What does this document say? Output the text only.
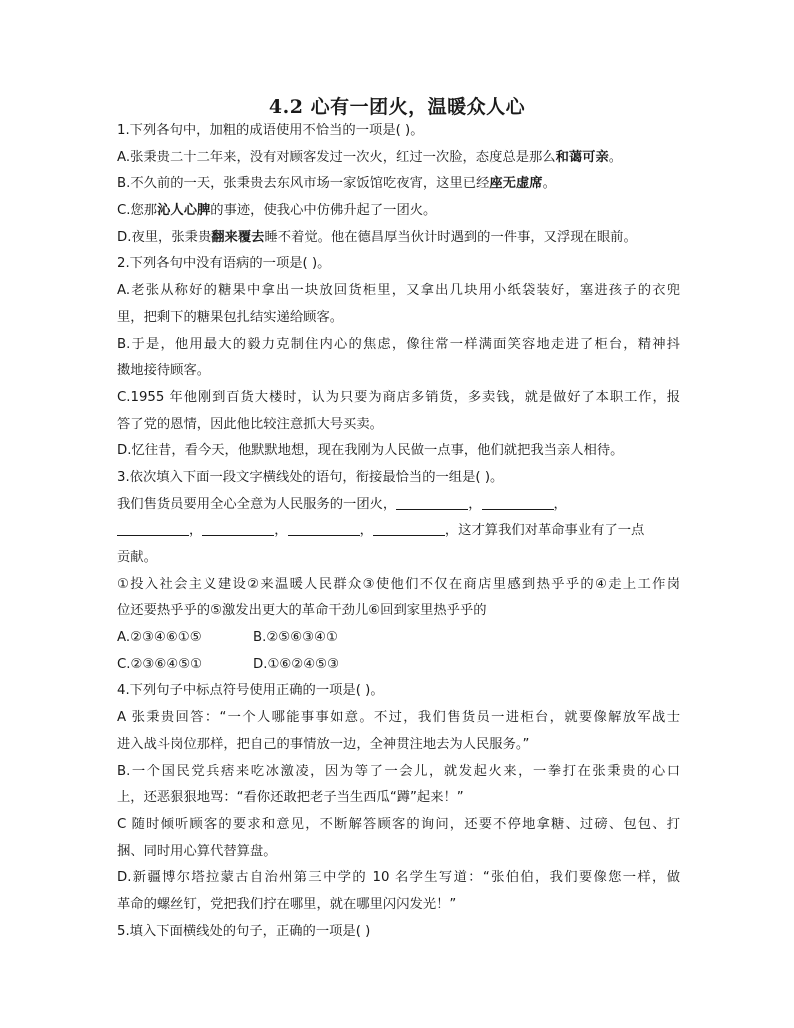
4.2 心有一团火，温暖众人心

1.下列各句中，加粗的成语使用不恰当的一项是( )。

A.张秉贵二十二年来，没有对顾客发过一次火，红过一次脸，态度总是那么和蔼可亲。

B.不久前的一天，张秉贵去东风市场一家饭馆吃夜宵，这里已经座无虚席。

C.您那沁人心脾的事迹，使我心中仿佛升起了一团火。

D.夜里，张秉贵翻来覆去睡不着觉。他在德昌厚当伙计时遇到的一件事，又浮现在眼前。

2.下列各句中没有语病的一项是( )。

A.老张从称好的糖果中拿出一块放回货柜里，又拿出几块用小纸袋装好，塞进孩子的衣兜

里，把剩下的糖果包扎结实递给顾客。

B.于是，他用最大的毅力克制住内心的焦虑，像往常一样满面笑容地走进了柜台，精神抖

擞地接待顾客。

C.1955 年他刚到百货大楼时，认为只要为商店多销货，多卖钱，就是做好了本职工作，报

答了党的恩情，因此他比较注意抓大号买卖。

D.忆往昔，看今天，他默默地想，现在我刚为人民做一点事，他们就把我当亲人相待。

3.依次填入下面一段文字横线处的语句，衔接最恰当的一组是( )。

我们售货员要用全心全意为人民服务的一团火，	，	，

，	，	，	，这才算我们对革命事业有了一点

贡献。

①投入社会主义建设②来温暖人民群众③使他们不仅在商店里感到热乎乎的④走上工作岗

位还要热乎乎的⑤激发出更大的革命干劲儿⑥回到家里热乎乎的

A.②③④⑥①⑤	B.②⑤⑥③④①

C.②③⑥④⑤①	D.①⑥②④⑤③

4.下列句子中标点符号使用正确的一项是( )。

A 张秉贵回答：“一个人哪能事事如意。不过，我们售货员一进柜台，就要像解放军战士

进入战斗岗位那样，把自己的事情放一边，全神贯注地去为人民服务。”

B.一个国民党兵痞来吃冰激凌，因为等了一会儿，就发起火来，一拳打在张秉贵的心口

上，还恶狠狠地骂：“看你还敢把老子当生西瓜“蹲”起来！”

C 随时倾听顾客的要求和意见，不断解答顾客的询问，还要不停地拿糖、过磅、包包、打

捆、同时用心算代替算盘。

D.新疆博尔塔拉蒙古自治州第三中学的 10 名学生写道：“张伯伯，我们要像您一样，做

革命的螺丝钉，党把我们拧在哪里，就在哪里闪闪发光！”

5.填入下面横线处的句子，正确的一项是( )
